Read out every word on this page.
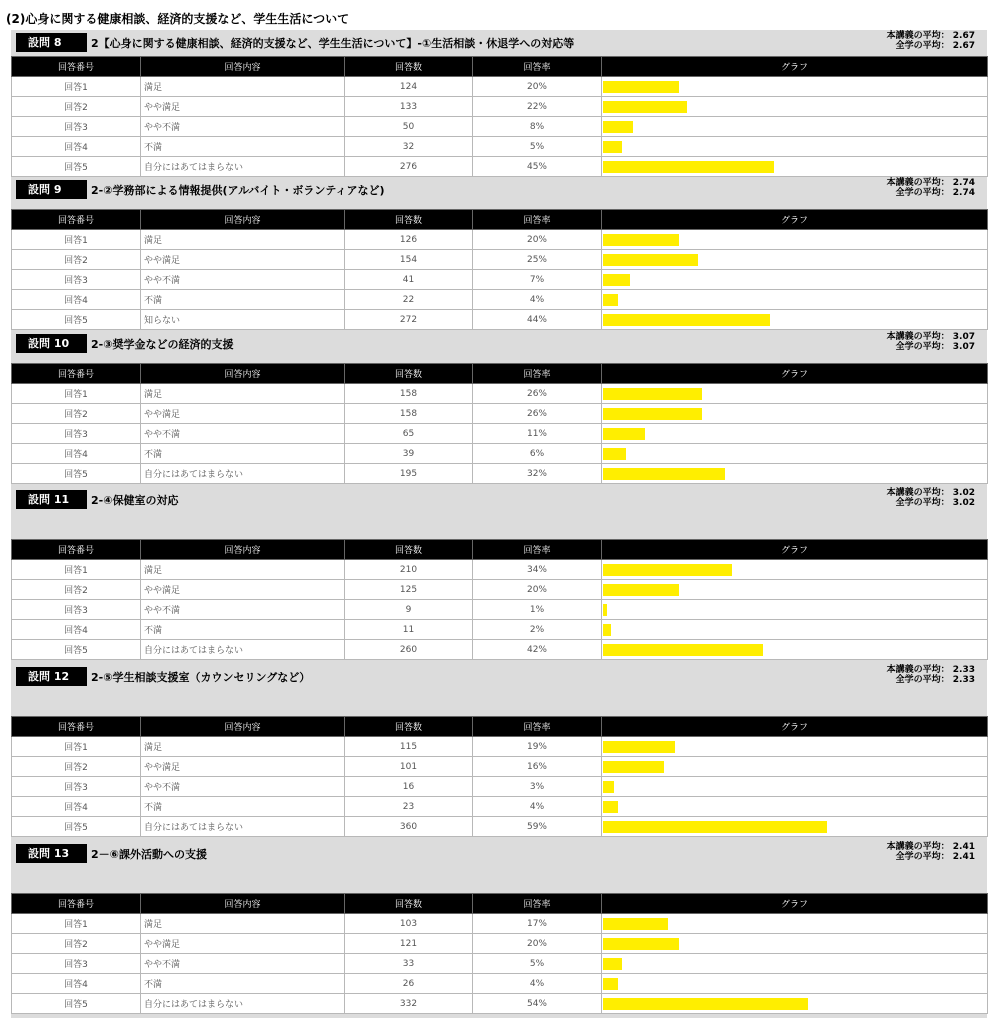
(2)心身に関する健康相談、経済的支援など、学生生活について
設問 8	2【心身に関する健康相談、経済的支援など、学生生活について】-①生活相談・休退学への対応等
本講義の平均： 2.67
全学の平均： 2.67
回答番号	回答内容	回答数	回答率	グラフ
回答1	満足	124	20%	

回答2	やや満足	133	22%	

回答3	やや不満	50	8%	

回答4	不満	32	5%	

回答5	自分にはあてはまらない	276	45%	
設問 9	2-②学務部による情報提供(アルバイト・ボランティアなど)
本講義の平均： 2.74
全学の平均： 2.74
回答番号	回答内容	回答数	回答率	グラフ
回答1	満足	126	20%	

回答2	やや満足	154	25%	

回答3	やや不満	41	7%	

回答4	不満	22	4%	

回答5	知らない	272	44%	
設問 10	2-③奨学金などの経済的支援
本講義の平均： 3.07
全学の平均： 3.07
回答番号	回答内容	回答数	回答率	グラフ
回答1	満足	158	26%	

回答2	やや満足	158	26%	

回答3	やや不満	65	11%	

回答4	不満	39	6%	

回答5	自分にはあてはまらない	195	32%	
設問 11	2-④保健室の対応
本講義の平均： 3.02
全学の平均： 3.02
回答番号	回答内容	回答数	回答率	グラフ
回答1	満足	210	34%	

回答2	やや満足	125	20%	

回答3	やや不満	9	1%	

回答4	不満	11	2%	

回答5	自分にはあてはまらない	260	42%	
設問 12	2-⑤学生相談支援室（カウンセリングなど）
本講義の平均： 2.33
全学の平均： 2.33
回答番号	回答内容	回答数	回答率	グラフ
回答1	満足	115	19%	

回答2	やや満足	101	16%	

回答3	やや不満	16	3%	

回答4	不満	23	4%	

回答5	自分にはあてはまらない	360	59%	
設問 13	2－⑥課外活動への支援
本講義の平均： 2.41
全学の平均： 2.41
回答番号	回答内容	回答数	回答率	グラフ
回答1	満足	103	17%	

回答2	やや満足	121	20%	

回答3	やや不満	33	5%	

回答4	不満	26	4%	

回答5	自分にはあてはまらない	332	54%	
